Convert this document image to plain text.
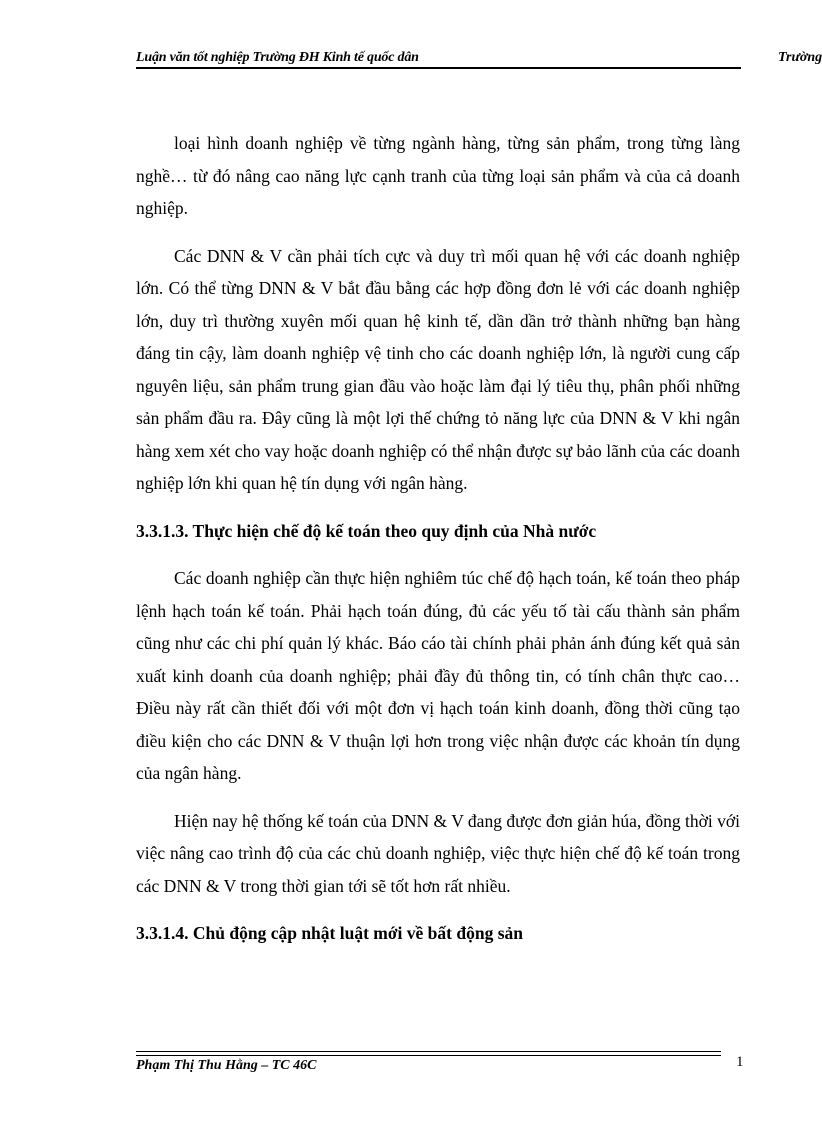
Luận văn tốt nghiệp Trường ĐH Kinh tế quốc dân	Trường

loại hình doanh nghiệp về từng ngành hàng, từng sản phẩm, trong từng làng nghề… từ đó nâng cao năng lực cạnh tranh của từng loại sản phẩm và của cả doanh nghiệp.

Các DNN & V cần phải tích cực và duy trì mối quan hệ với các doanh nghiệp lớn. Có thể từng DNN & V bắt đầu bằng các hợp đồng đơn lẻ với các doanh nghiệp lớn, duy trì thường xuyên mối quan hệ kinh tế, dần dần trở thành những bạn hàng đáng tin cậy, làm doanh nghiệp vệ tinh cho các doanh nghiệp lớn, là người cung cấp nguyên liệu, sản phẩm trung gian đầu vào hoặc làm đại lý tiêu thụ, phân phối những sản phẩm đầu ra. Đây cũng là một lợi thế chứng tỏ năng lực của DNN & V khi ngân hàng xem xét cho vay hoặc doanh nghiệp có thể nhận được sự bảo lãnh của các doanh nghiệp lớn khi quan hệ tín dụng với ngân hàng.

3.3.1.3. Thực hiện chế độ kế toán theo quy định của Nhà nước

Các doanh nghiệp cần thực hiện nghiêm túc chế độ hạch toán, kế toán theo pháp lệnh hạch toán kế toán. Phải hạch toán đúng, đủ các yếu tố tài cấu thành sản phẩm cũng như các chi phí quản lý khác. Báo cáo tài chính phải phản ánh đúng kết quả sản xuất kinh doanh của doanh nghiệp; phải đầy đủ thông tin, có tính chân thực cao… Điều này rất cần thiết đối với một đơn vị hạch toán kinh doanh, đồng thời cũng tạo điều kiện cho các DNN & V thuận lợi hơn trong việc nhận được các khoản tín dụng của ngân hàng.

Hiện nay hệ thống kế toán của DNN & V đang được đơn giản húa, đồng thời với việc nâng cao trình độ của các chủ doanh nghiệp, việc thực hiện chế độ kế toán trong các DNN & V trong thời gian tới sẽ tốt hơn rất nhiều.

3.3.1.4. Chủ động cập nhật luật mới về bất động sản
Phạm Thị Thu Hằng – TC 46C	1
